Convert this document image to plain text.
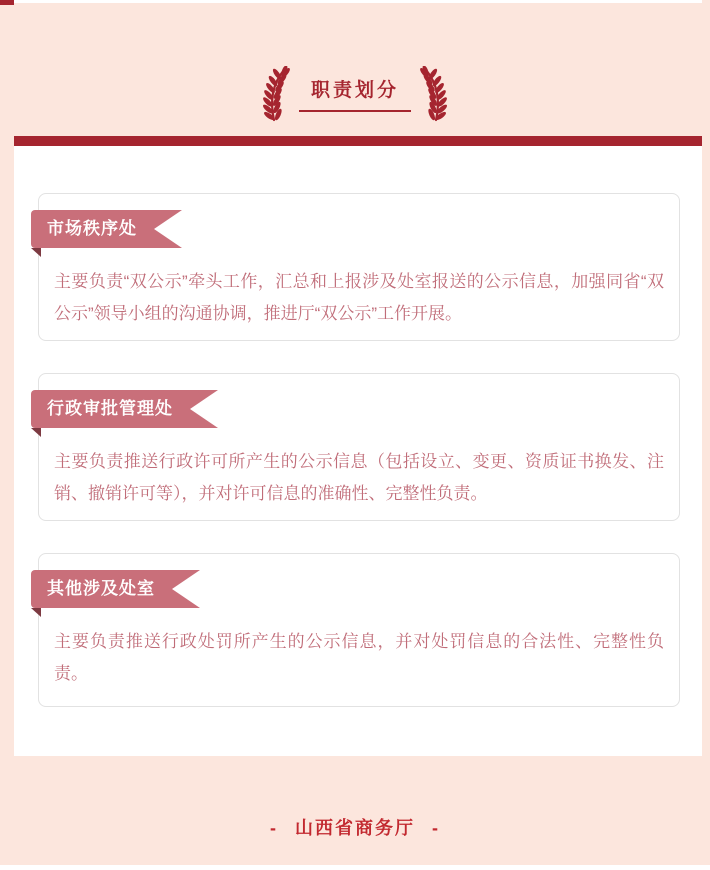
职责划分
市场秩序处
主要负责“双公示”牵头工作，汇总和上报涉及处室报送的公示信息，加强同省“双公示”领导小组的沟通协调，推进厅“双公示”工作开展。
行政审批管理处
主要负责推送行政许可所产生的公示信息（包括设立、变更、资质证书换发、注销、撤销许可等），并对许可信息的准确性、完整性负责。
其他涉及处室
主要负责推送行政处罚所产生的公示信息，并对处罚信息的合法性、完整性负责。
- 山西省商务厅 -
